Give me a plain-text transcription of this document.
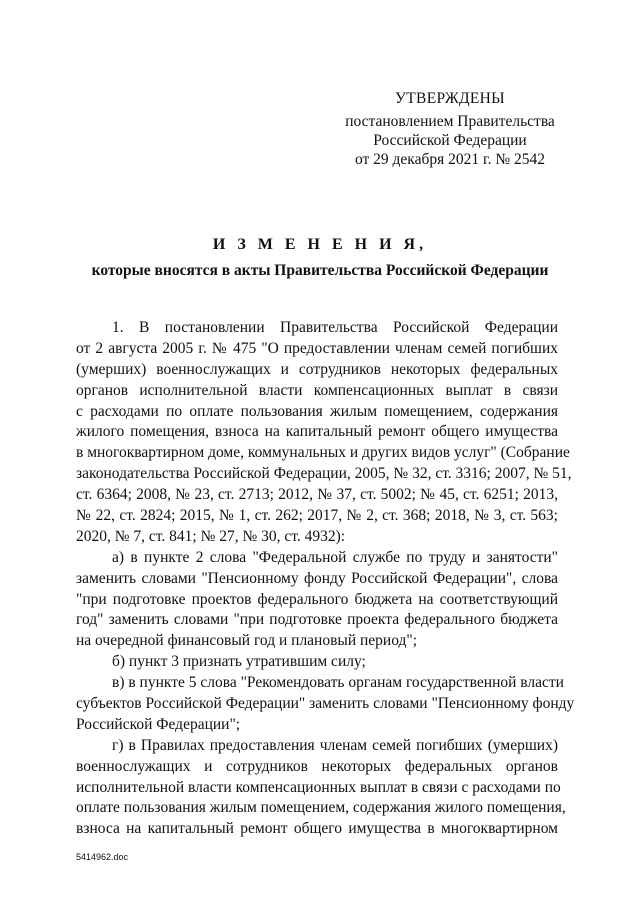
УТВЕРЖДЕНЫ
постановлением Правительства
Российской Федерации
от 29 декабря 2021 г. № 2542
И З М Е Н Е Н И Я,
которые вносятся в акты Правительства Российской Федерации
1. В постановлении Правительства Российской Федерации
от 2 августа 2005 г. № 475 "О предоставлении членам семей погибших
(умерших) военнослужащих и сотрудников некоторых федеральных
органов исполнительной власти компенсационных выплат в связи
с расходами по оплате пользования жилым помещением, содержания
жилого помещения, взноса на капитальный ремонт общего имущества
в многоквартирном доме, коммунальных и других видов услуг" (Собрание
законодательства Российской Федерации, 2005, № 32, ст. 3316; 2007, № 51,
ст. 6364; 2008, № 23, ст. 2713; 2012, № 37, ст. 5002; № 45, ст. 6251; 2013,
№ 22, ст. 2824; 2015, № 1, ст. 262; 2017, № 2, ст. 368; 2018, № 3, ст. 563;
2020, № 7, ст. 841; № 27, № 30, ст. 4932):
а) в пункте 2 слова "Федеральной службе по труду и занятости"
заменить словами "Пенсионному фонду Российской Федерации", слова
"при подготовке проектов федерального бюджета на соответствующий
год" заменить словами "при подготовке проекта федерального бюджета
на очередной финансовый год и плановый период";
б) пункт 3 признать утратившим силу;
в) в пункте 5 слова "Рекомендовать органам государственной власти
субъектов Российской Федерации" заменить словами "Пенсионному фонду
Российской Федерации";
г) в Правилах предоставления членам семей погибших (умерших)
военнослужащих и сотрудников некоторых федеральных органов
исполнительной власти компенсационных выплат в связи с расходами по
оплате пользования жилым помещением, содержания жилого помещения,
взноса на капитальный ремонт общего имущества в многоквартирном
5414962.doc
